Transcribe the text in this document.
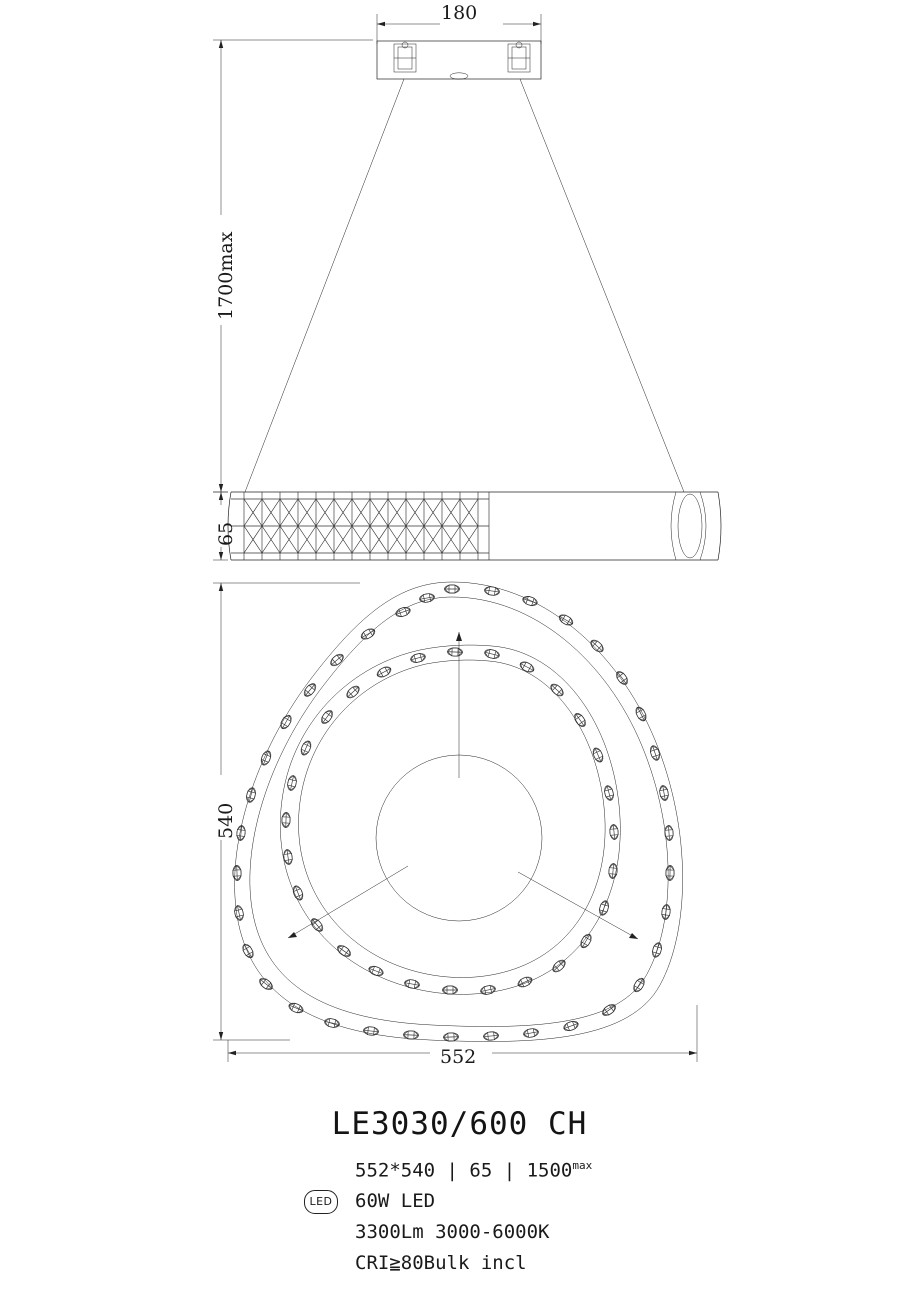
180
1700max
65
540
552
LE3030/600 CH
552*540 | 65 | $1500^{max}$
LED 60W LED
3300Lm 3000-6000K
CRI≧80Bulk incl
